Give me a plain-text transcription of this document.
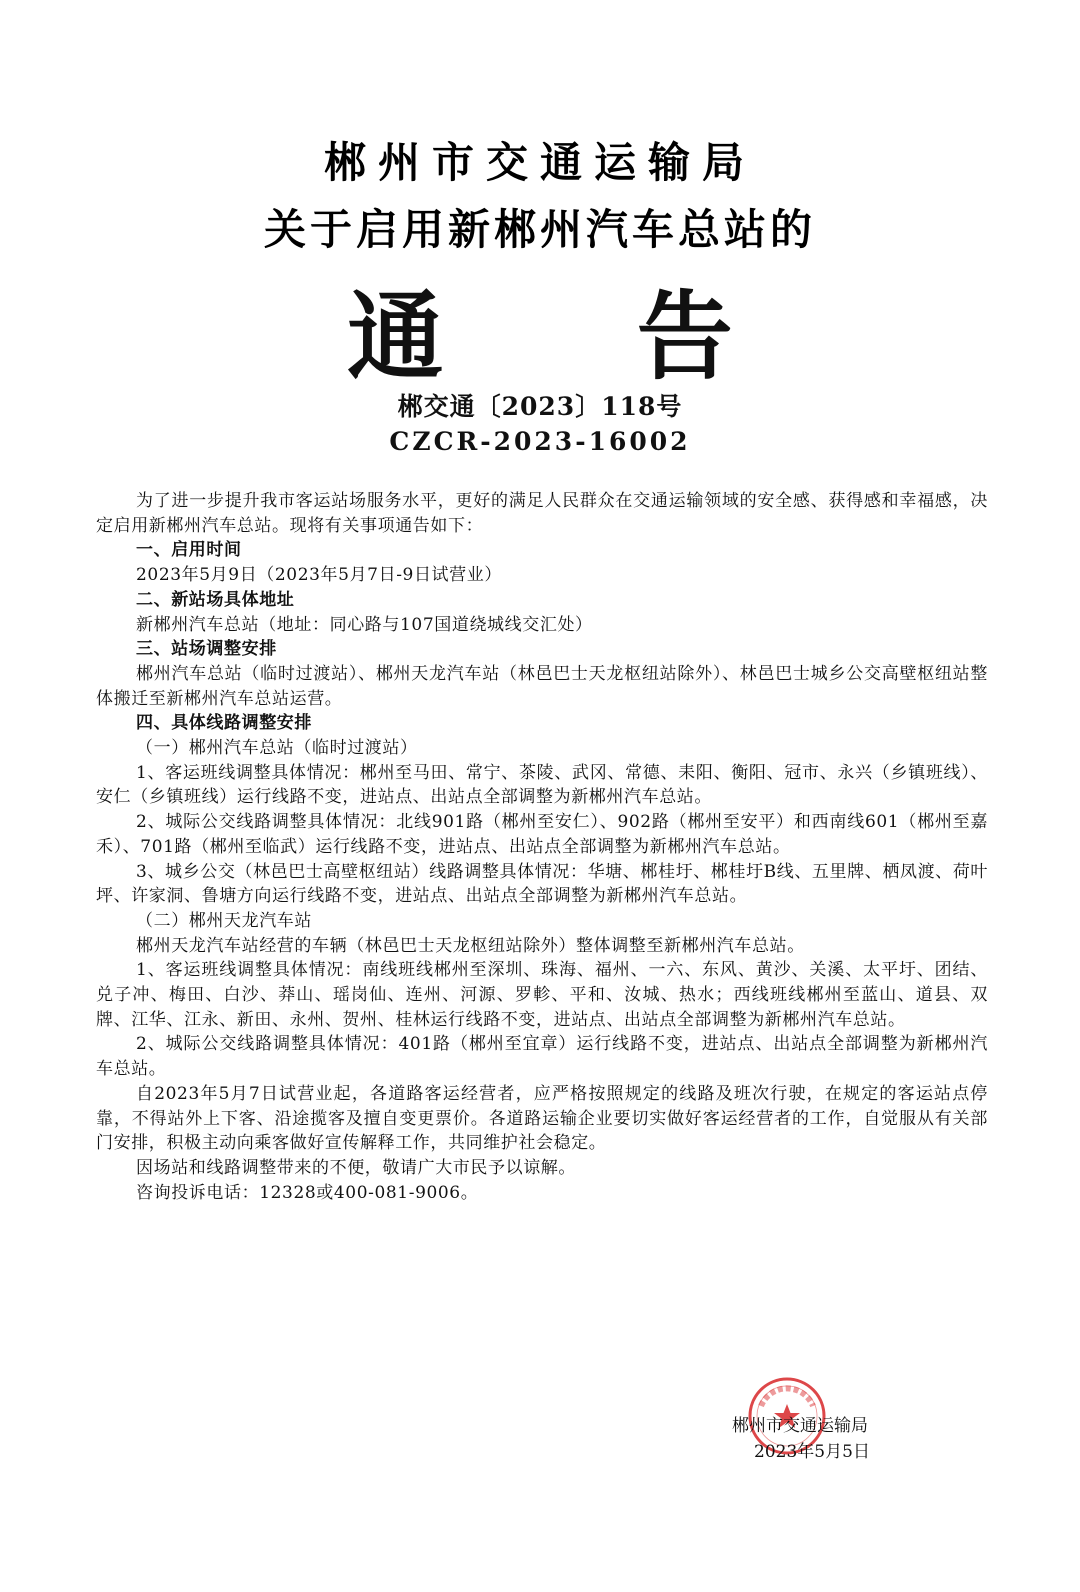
郴州市交通运输局
关于启用新郴州汽车总站的
通 告
郴交通〔2023〕118号
CZCR-2023-16002

为了进一步提升我市客运站场服务水平，更好的满足人民群众在交通运输领域的安全感、获得感和幸福感，决定启用新郴州汽车总站。现将有关事项通告如下：

一、启用时间

2023年5月9日（2023年5月7日-9日试营业）

二、新站场具体地址

新郴州汽车总站（地址：同心路与107国道绕城线交汇处）

三、站场调整安排

郴州汽车总站（临时过渡站）、郴州天龙汽车站（林邑巴士天龙枢纽站除外）、林邑巴士城乡公交高壁枢纽站整体搬迁至新郴州汽车总站运营。

四、具体线路调整安排

（一）郴州汽车总站（临时过渡站）

1、客运班线调整具体情况：郴州至马田、常宁、茶陵、武冈、常德、耒阳、衡阳、冠市、永兴（乡镇班线）、安仁（乡镇班线）运行线路不变，进站点、出站点全部调整为新郴州汽车总站。

2、城际公交线路调整具体情况：北线901路（郴州至安仁）、902路（郴州至安平）和西南线601（郴州至嘉禾）、701路（郴州至临武）运行线路不变，进站点、出站点全部调整为新郴州汽车总站。

3、城乡公交（林邑巴士高壁枢纽站）线路调整具体情况：华塘、郴桂圩、郴桂圩B线、五里牌、栖凤渡、荷叶坪、许家洞、鲁塘方向运行线路不变，进站点、出站点全部调整为新郴州汽车总站。

（二）郴州天龙汽车站

郴州天龙汽车站经营的车辆（林邑巴士天龙枢纽站除外）整体调整至新郴州汽车总站。

1、客运班线调整具体情况：南线班线郴州至深圳、珠海、福州、一六、东风、黄沙、关溪、太平圩、团结、兑子冲、梅田、白沙、莽山、瑶岗仙、连州、河源、罗軫、平和、汝城、热水；西线班线郴州至蓝山、道县、双牌、江华、江永、新田、永州、贺州、桂林运行线路不变，进站点、出站点全部调整为新郴州汽车总站。

2、城际公交线路调整具体情况：401路（郴州至宜章）运行线路不变，进站点、出站点全部调整为新郴州汽车总站。

自2023年5月7日试营业起，各道路客运经营者，应严格按照规定的线路及班次行驶，在规定的客运站点停靠，不得站外上下客、沿途揽客及擅自变更票价。各道路运输企业要切实做好客运经营者的工作，自觉服从有关部门安排，积极主动向乘客做好宣传解释工作，共同维护社会稳定。

因场站和线路调整带来的不便，敬请广大市民予以谅解。

咨询投诉电话：12328或400-081-9006。

郴州市交通运输局
2023年5月5日
